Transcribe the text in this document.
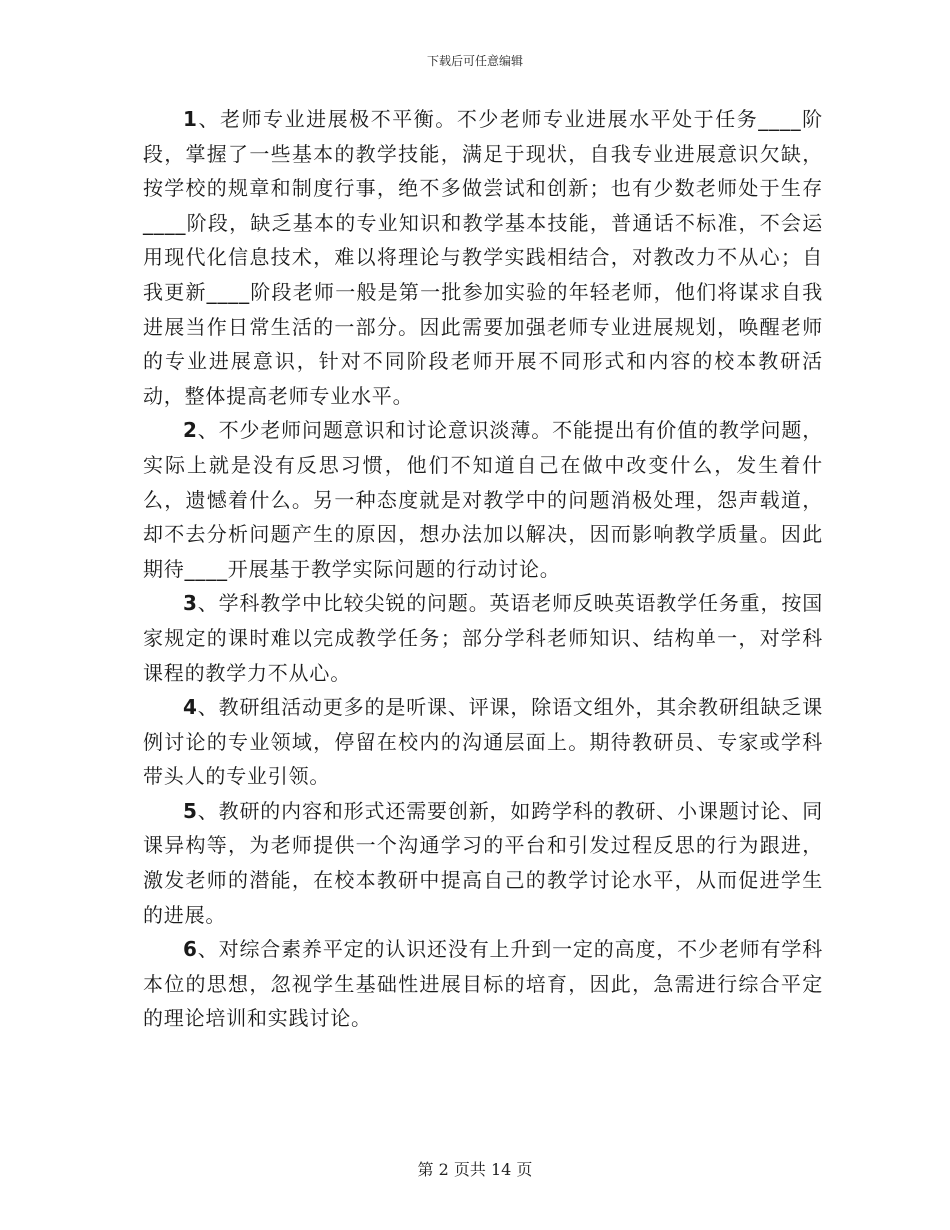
下载后可任意编辑

1、老师专业进展极不平衡。不少老师专业进展水平处于任务____阶段，掌握了一些基本的教学技能，满足于现状，自我专业进展意识欠缺，按学校的规章和制度行事，绝不多做尝试和创新；也有少数老师处于生存____阶段，缺乏基本的专业知识和教学基本技能，普通话不标准，不会运用现代化信息技术，难以将理论与教学实践相结合，对教改力不从心；自我更新____阶段老师一般是第一批参加实验的年轻老师，他们将谋求自我进展当作日常生活的一部分。因此需要加强老师专业进展规划，唤醒老师的专业进展意识，针对不同阶段老师开展不同形式和内容的校本教研活动，整体提高老师专业水平。

2、不少老师问题意识和讨论意识淡薄。不能提出有价值的教学问题，实际上就是没有反思习惯，他们不知道自己在做中改变什么，发生着什么，遗憾着什么。另一种态度就是对教学中的问题消极处理，怨声载道，却不去分析问题产生的原因，想办法加以解决，因而影响教学质量。因此期待____开展基于教学实际问题的行动讨论。

3、学科教学中比较尖锐的问题。英语老师反映英语教学任务重，按国家规定的课时难以完成教学任务；部分学科老师知识、结构单一，对学科课程的教学力不从心。

4、教研组活动更多的是听课、评课，除语文组外，其余教研组缺乏课例讨论的专业领域，停留在校内的沟通层面上。期待教研员、专家或学科带头人的专业引领。

5、教研的内容和形式还需要创新，如跨学科的教研、小课题讨论、同课异构等，为老师提供一个沟通学习的平台和引发过程反思的行为跟进，激发老师的潜能，在校本教研中提高自己的教学讨论水平，从而促进学生的进展。

6、对综合素养平定的认识还没有上升到一定的高度，不少老师有学科本位的思想，忽视学生基础性进展目标的培育，因此，急需进行综合平定的理论培训和实践讨论。

第 2 页共 14 页
